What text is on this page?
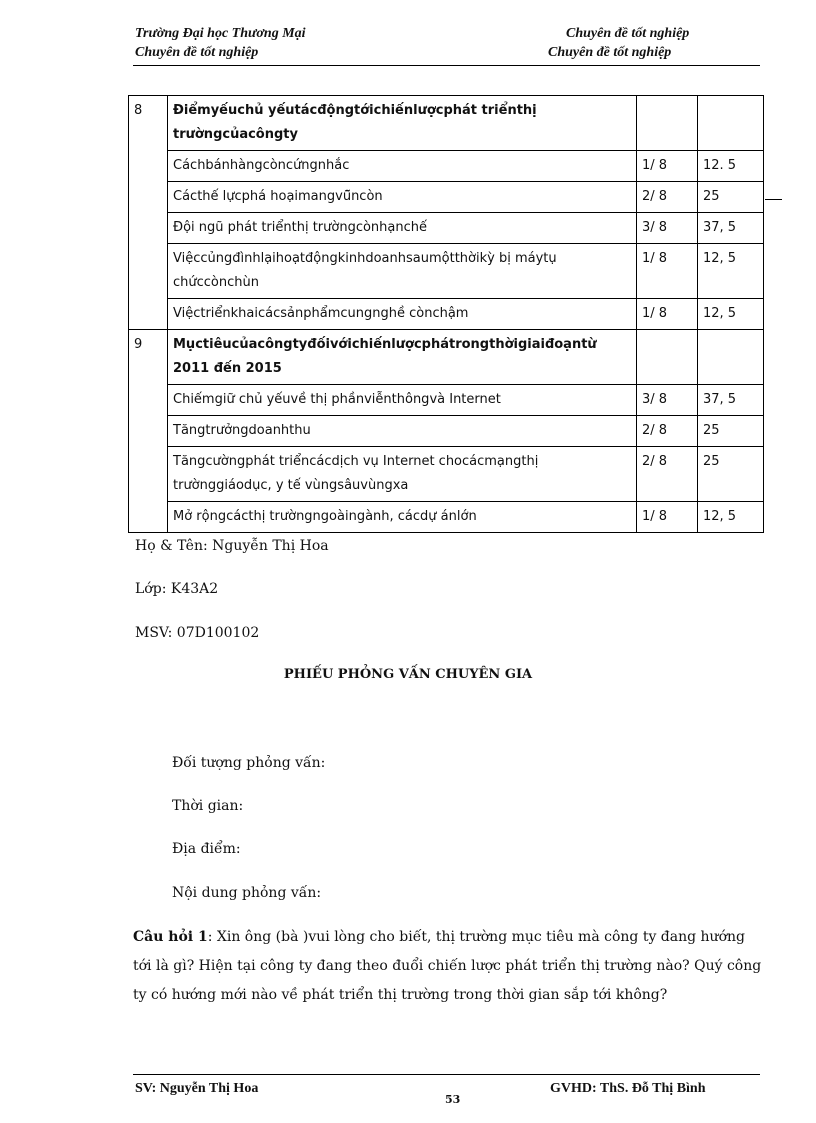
Trường Đại học Thương Mại
Chuyên đề tốt nghiệp
Chuyên đề tốt nghiệp
Chuyên đề tốt nghiệp
8	Điểmyếuchủ yếutácđộngtớichiếnlượcphát triểnthị trườngcủacôngty		
	Cáchbánhàngcòncứngnhắc	1/ 8	12. 5
	Cácthế lựcphá hoạimangvũ̃ncòn	2/ 8	25
	Đội ngũ phát triểnthị trườngcònhạnchế	3/ 8	37, 5
	Việccủngđìnhlạihoạtđộngkinhdoanhsaumộtthờikỳ bị máytụ chứccònchùn	1/ 8	12, 5
	Việctriểnkhaicácsảnphẩmcungnghề cònchậm	1/ 8	12, 5
9	Mụctiêucủacôngtyđốivớichiếnlượcphátrongthờigiaiđoạntừ 2011 đến 2015		
	Chiếmgiữ chủ yếuvề thị phầnviễnthôngvà Internet	3/ 8	37, 5
	Tăngtrưởngdoanhthu	2/ 8	25
	Tăngcườngphát triểncácdịch vụ Internet chocácmạngthị trườnggiáodục, y tế vùngsâuvùngxa	2/ 8	25
	Mở rộngcácthị trườngngoàingành, cácdự ánlớn	1/ 8	12, 5
Họ & Tên: Nguyễn Thị Hoa
Lớp: K43A2
MSV: 07D100102
PHIẾU PHỎNG VẤN CHUYÊN GIA
Đối tượng phỏng vấn:
Thời gian:
Địa điểm:
Nội dung phỏng vấn:
Câu hỏi 1: Xin ông (bà )vui lòng cho biết, thị trường mục tiêu mà công ty đang hướng tới là gì? Hiện tại công ty đang theo đuổi chiến lược phát triển thị trường nào? Quý công ty có hướng mới nào về phát triển thị trường trong thời gian sắp tới không?
SV: Nguyễn Thị Hoa
53
GVHD: ThS. Đỗ Thị Bình
